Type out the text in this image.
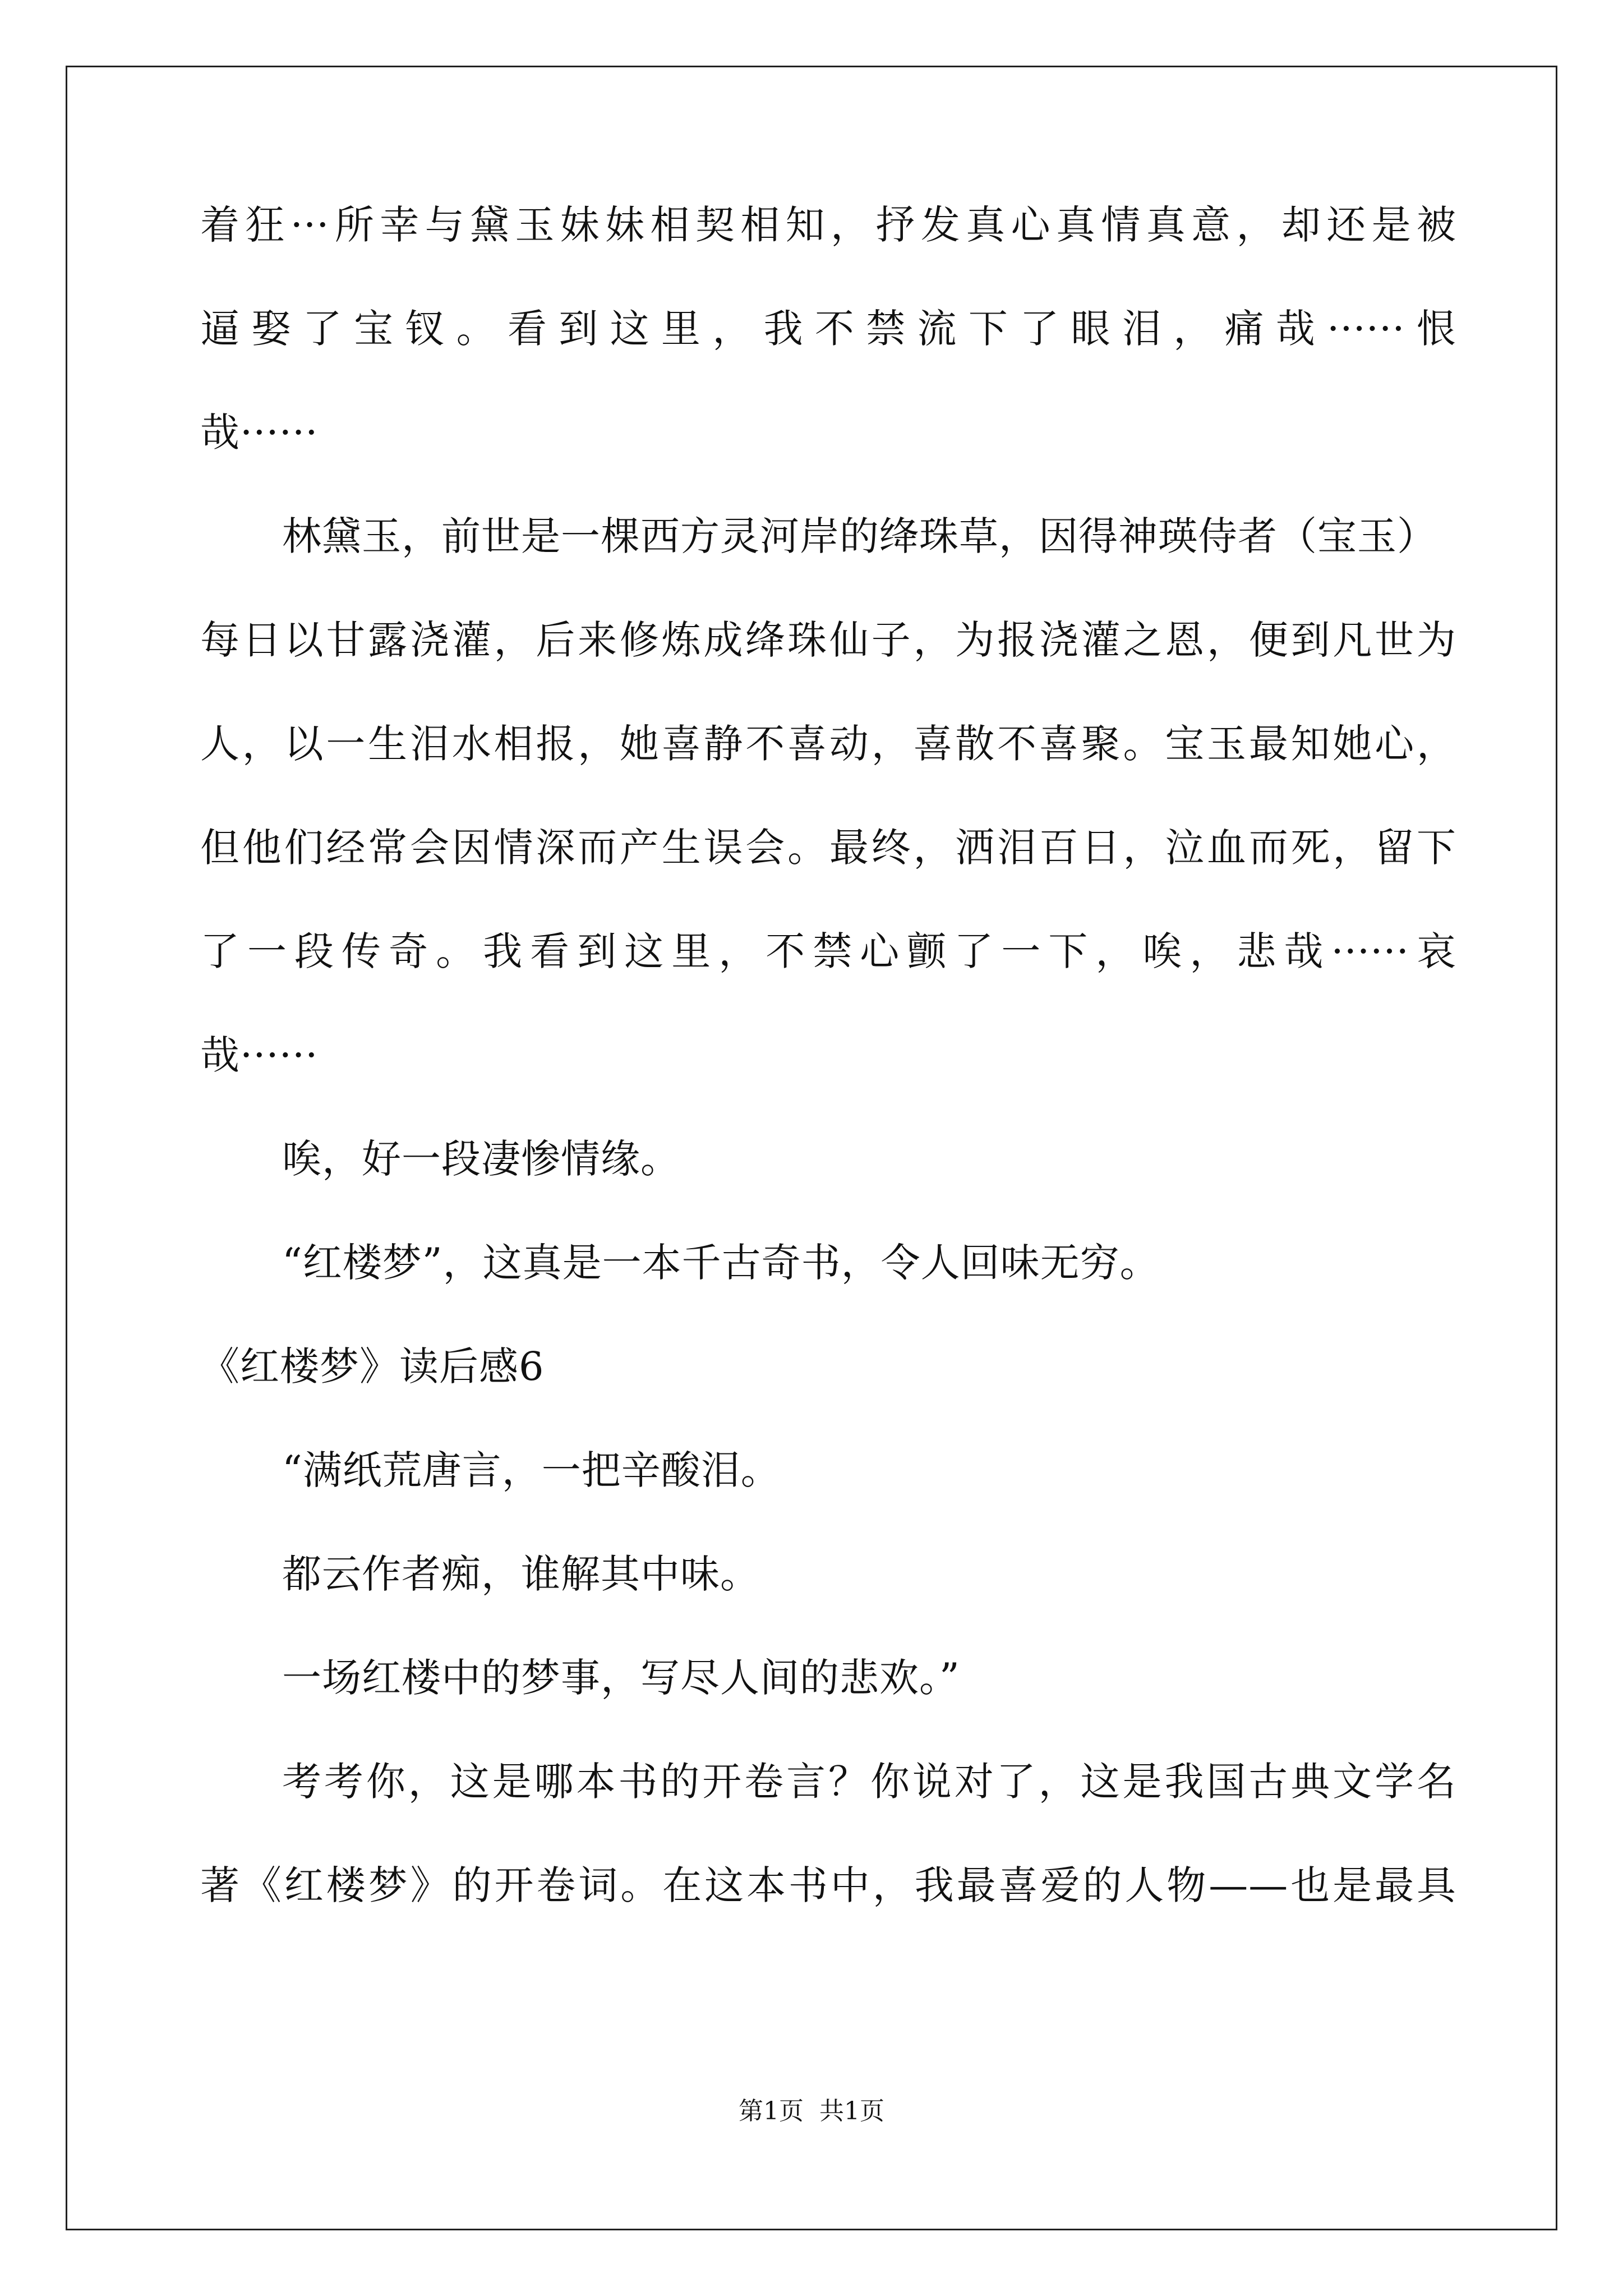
着狂···所幸与黛玉妹妹相契相知，抒发真心真情真意，却还是被
逼娶了宝钗。看到这里，我不禁流下了眼泪，痛哉······恨
哉······
林黛玉，前世是一棵西方灵河岸的绛珠草，因得神瑛侍者（宝玉）
每日以甘露浇灌，后来修炼成绛珠仙子，为报浇灌之恩，便到凡世为
人，以一生泪水相报，她喜静不喜动，喜散不喜聚。宝玉最知她心，
但他们经常会因情深而产生误会。最终，洒泪百日，泣血而死，留下
了一段传奇。我看到这里，不禁心颤了一下，唉，悲哉······哀
哉······
唉，好一段凄惨情缘。
“红楼梦”，这真是一本千古奇书，令人回味无穷。
《红楼梦》读后感6
“满纸荒唐言，一把辛酸泪。
都云作者痴，谁解其中味。
一场红楼中的梦事，写尽人间的悲欢。”
考考你，这是哪本书的开卷言？你说对了，这是我国古典文学名
著《红楼梦》的开卷词。在这本书中，我最喜爱的人物——也是最具
第1页 共1页
